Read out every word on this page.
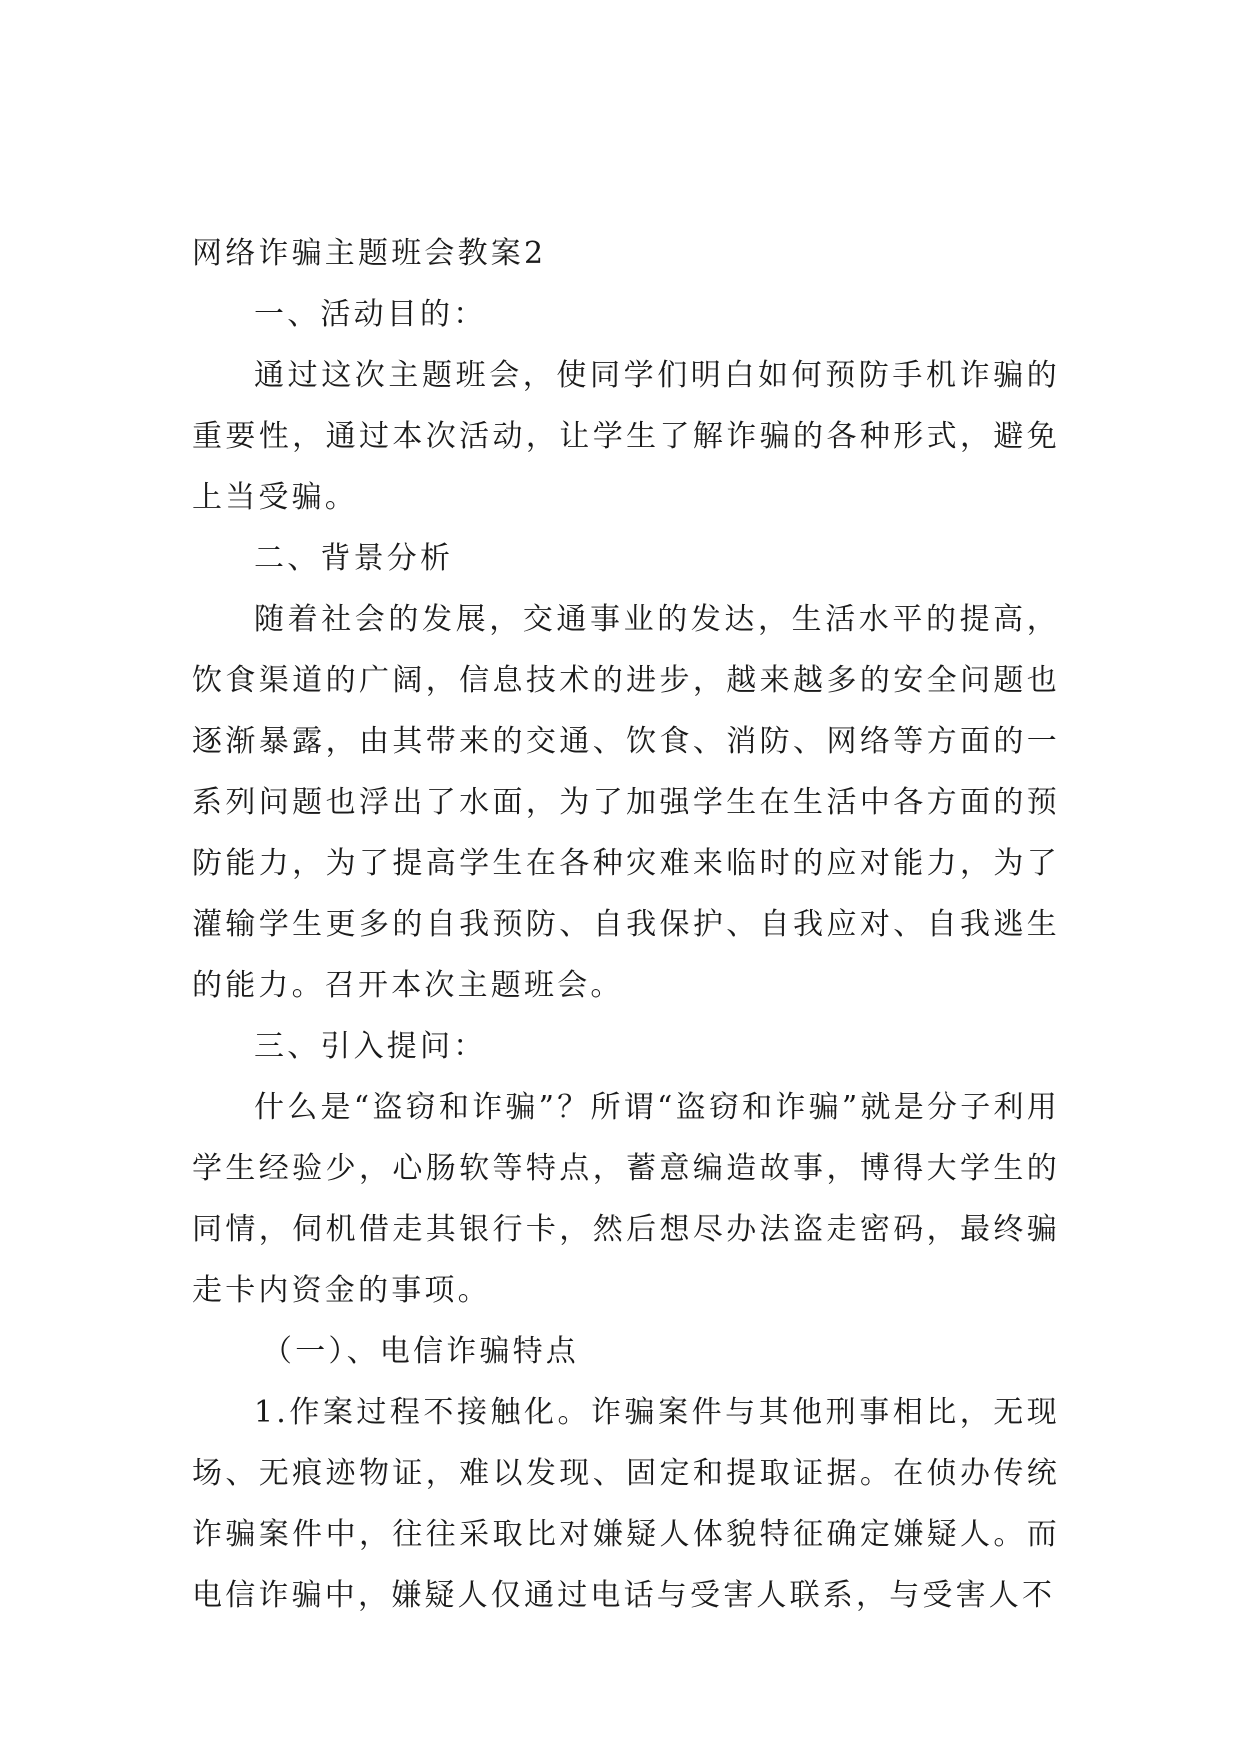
网络诈骗主题班会教案2

一、活动目的：

通过这次主题班会，使同学们明白如何预防手机诈骗的重要性，通过本次活动，让学生了解诈骗的各种形式，避免上当受骗。

二、背景分析

随着社会的发展，交通事业的发达，生活水平的提高，饮食渠道的广阔，信息技术的进步，越来越多的安全问题也逐渐暴露，由其带来的交通、饮食、消防、网络等方面的一系列问题也浮出了水面，为了加强学生在生活中各方面的预防能力，为了提高学生在各种灾难来临时的应对能力，为了灌输学生更多的自我预防、自我保护、自我应对、自我逃生的能力。召开本次主题班会。

三、引入提问：

什么是“盗窃和诈骗”？所谓“盗窃和诈骗”就是分子利用学生经验少，心肠软等特点，蓄意编造故事，博得大学生的同情，伺机借走其银行卡，然后想尽办法盗走密码，最终骗走卡内资金的事项。

（一）、电信诈骗特点

1.作案过程不接触化。诈骗案件与其他刑事相比，无现场、无痕迹物证，难以发现、固定和提取证据。在侦办传统诈骗案件中，往往采取比对嫌疑人体貌特征确定嫌疑人。而电信诈骗中，嫌疑人仅通过电话与受害人联系，与受害人不
